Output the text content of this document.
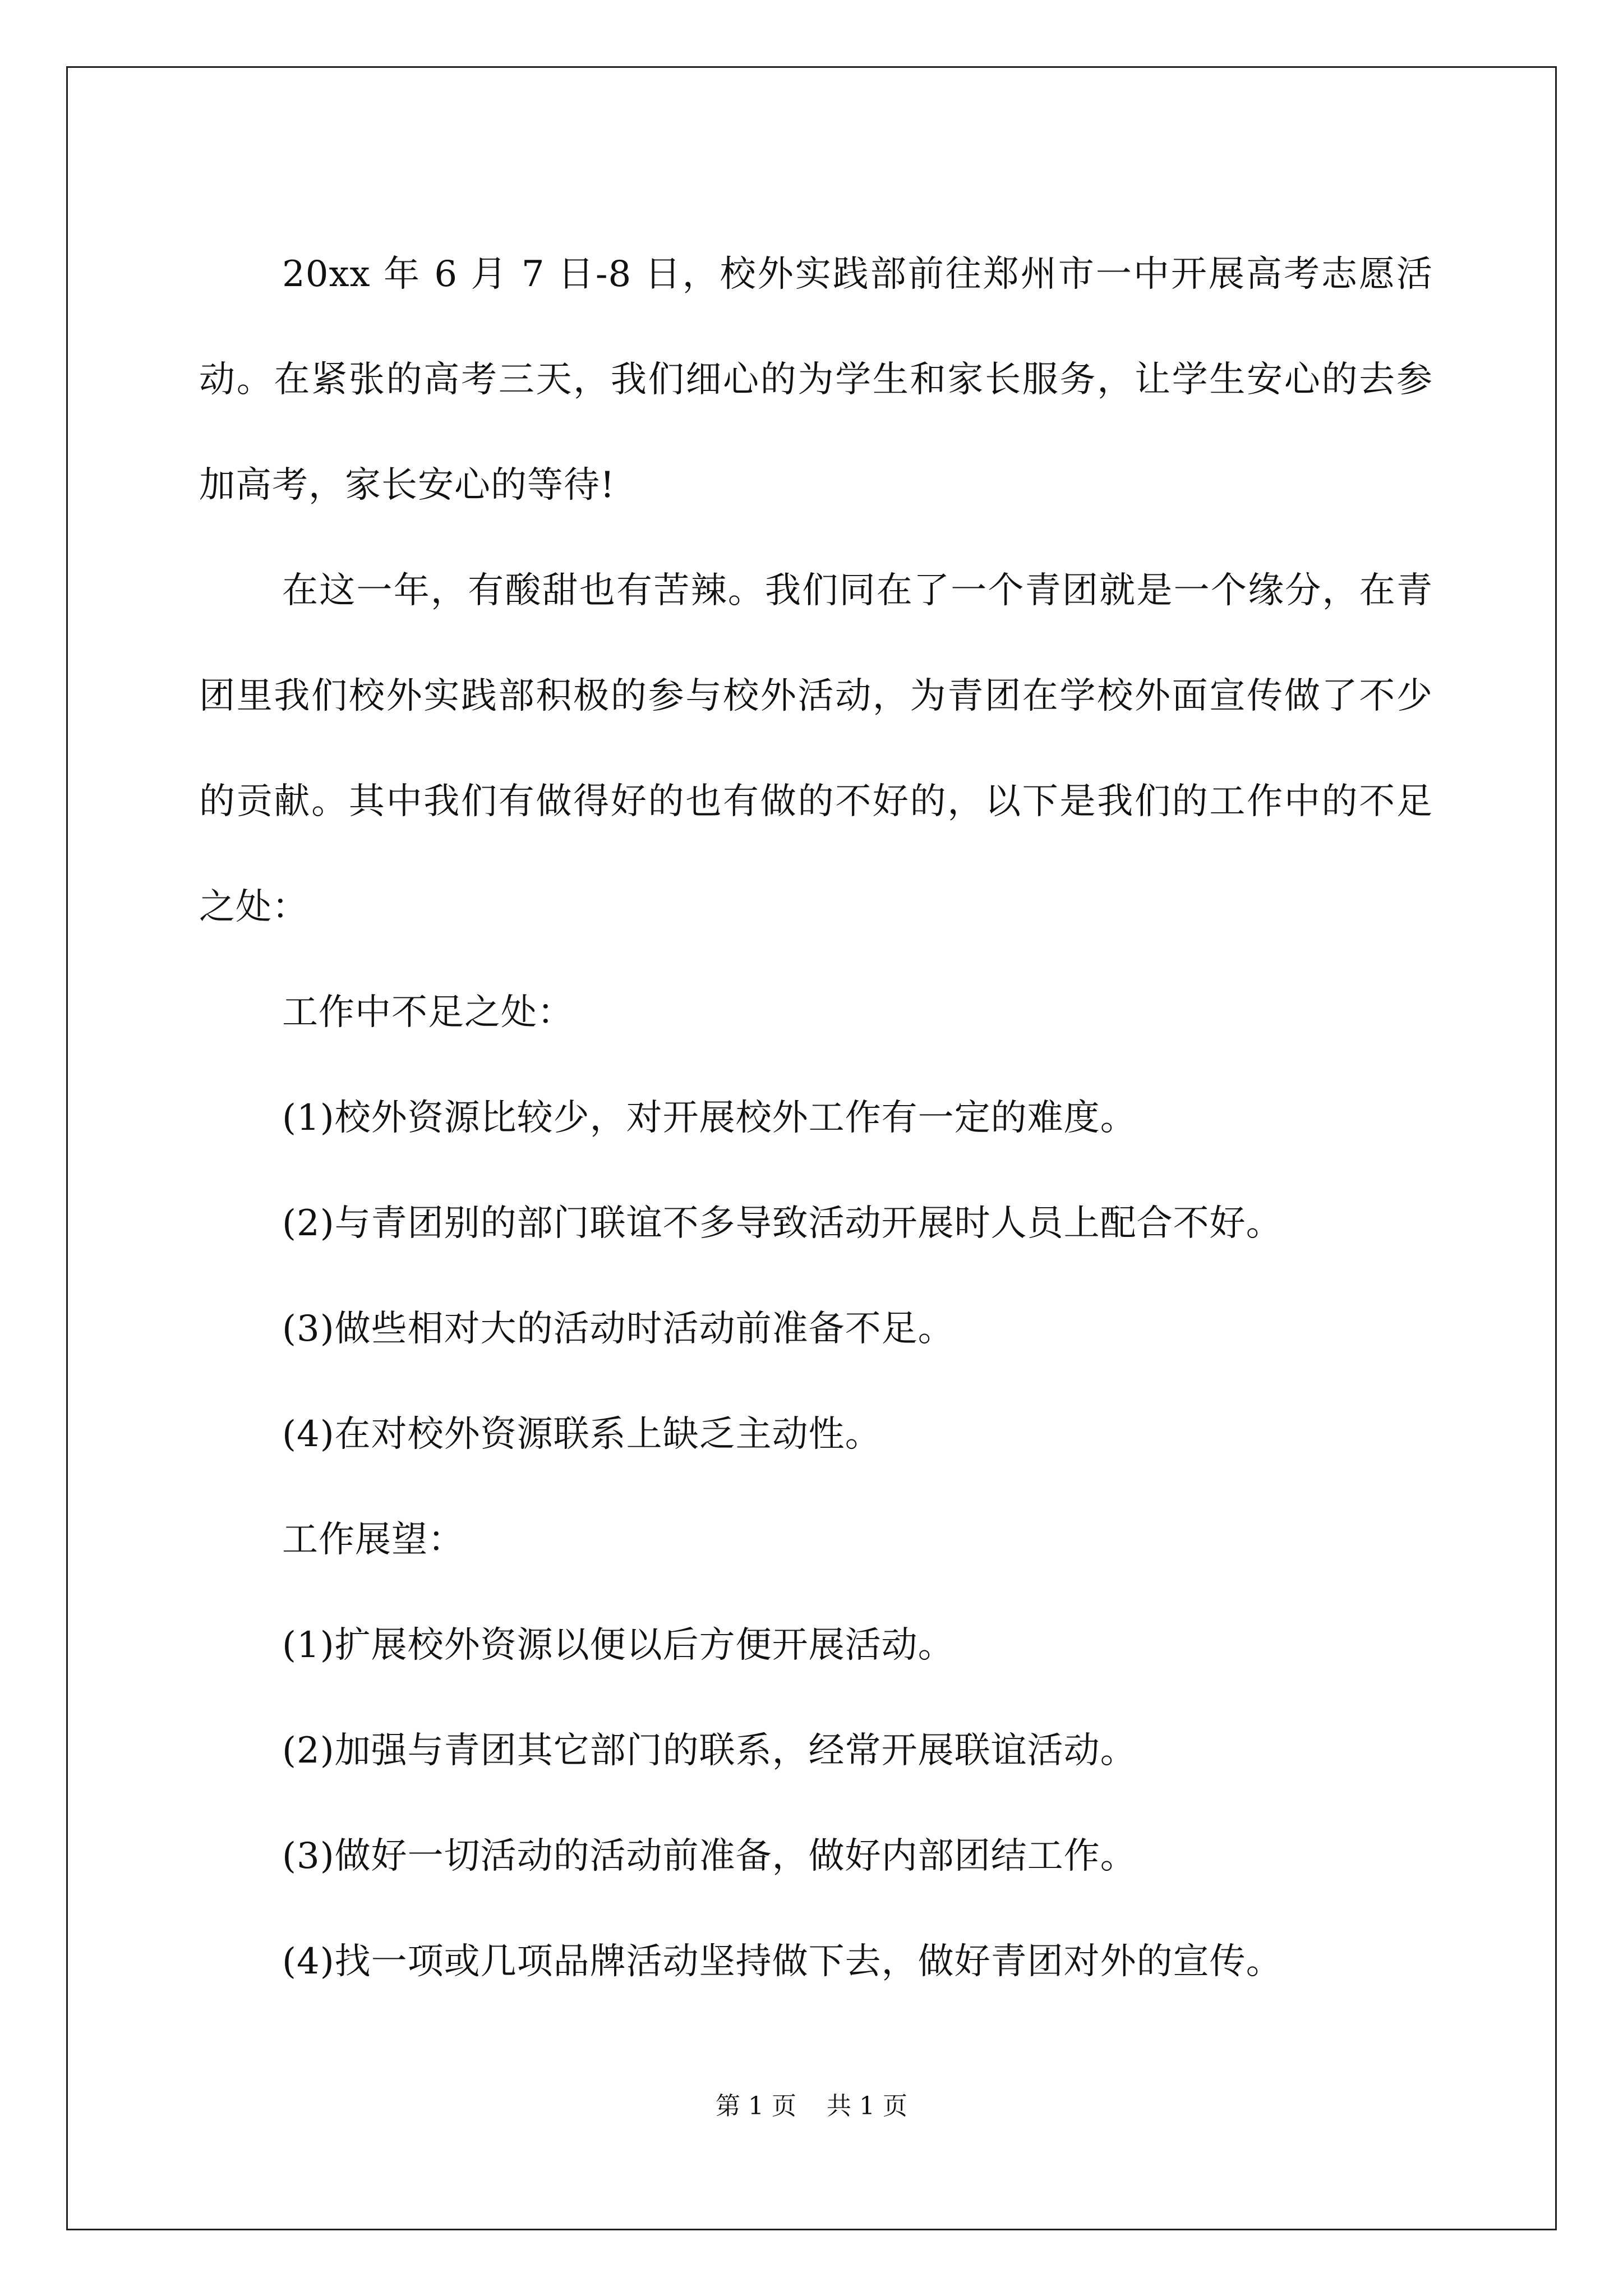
20xx 年 6 月 7 日-8 日，校外实践部前往郑州市一中开展高考志愿活动。在紧张的高考三天，我们细心的为学生和家长服务，让学生安心的去参加高考，家长安心的等待!

在这一年，有酸甜也有苦辣。我们同在了一个青团就是一个缘分，在青团里我们校外实践部积极的参与校外活动，为青团在学校外面宣传做了不少的贡献。其中我们有做得好的也有做的不好的，以下是我们的工作中的不足之处：

工作中不足之处：

(1)校外资源比较少，对开展校外工作有一定的难度。

(2)与青团别的部门联谊不多导致活动开展时人员上配合不好。

(3)做些相对大的活动时活动前准备不足。

(4)在对校外资源联系上缺乏主动性。

工作展望：

(1)扩展校外资源以便以后方便开展活动。

(2)加强与青团其它部门的联系，经常开展联谊活动。

(3)做好一切活动的活动前准备，做好内部团结工作。

(4)找一项或几项品牌活动坚持做下去，做好青团对外的宣传。

第 1 页 共 1 页
